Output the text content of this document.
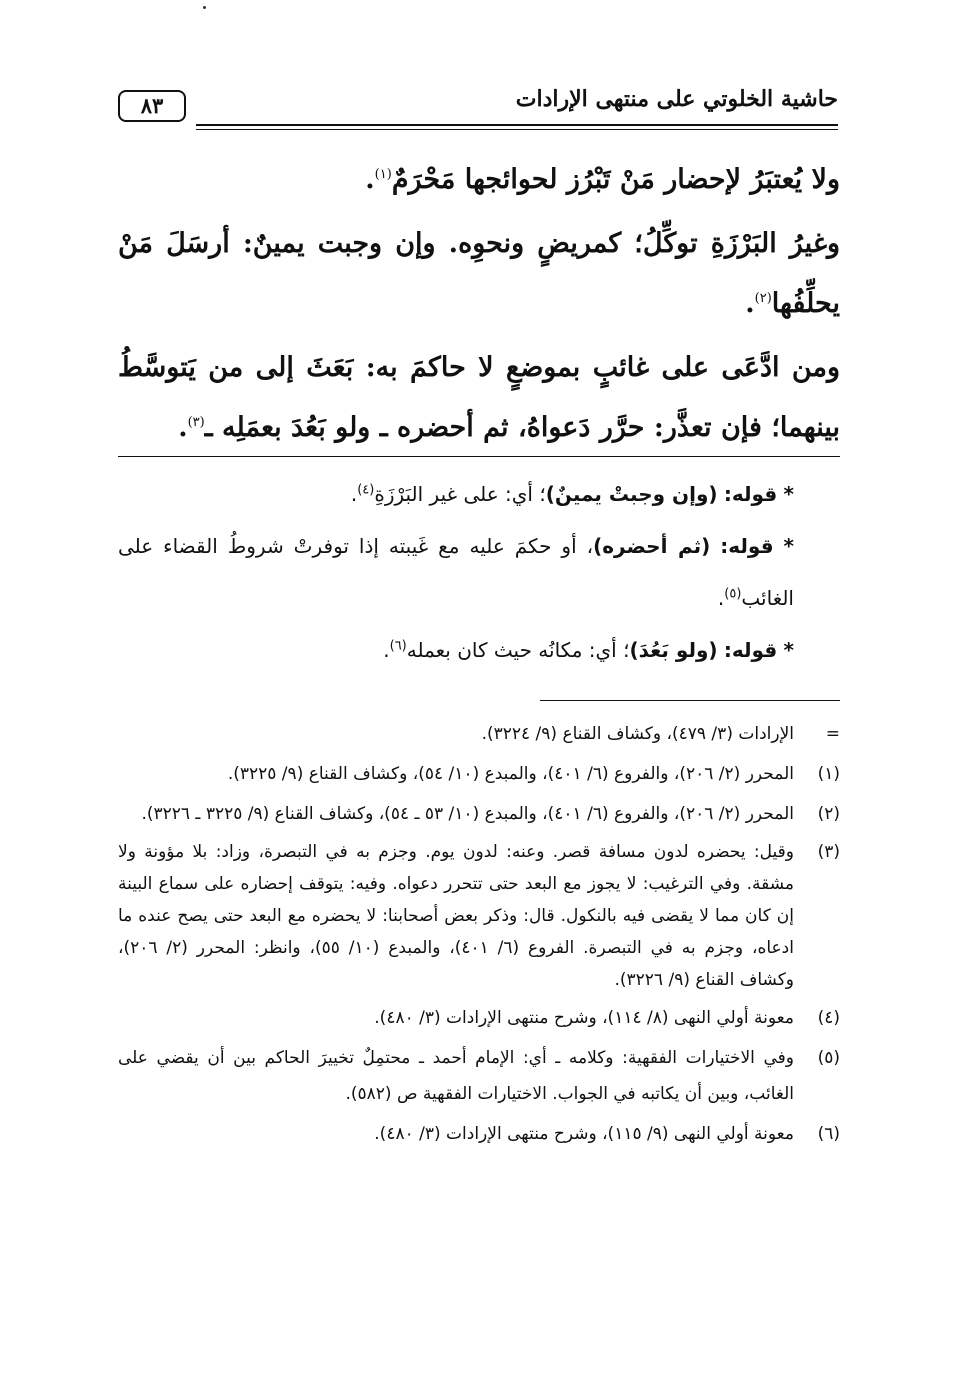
٨٣	حاشية الخلوتي على منتهى الإرادات

ولا يُعتبَرُ لإحضار مَنْ تَبْرُز لحوائجها مَحْرَمٌ$^{(١)}$.

وغيرُ البَرْزَةِ توكِّلُ؛ كمريضٍ ونحوِه. وإن وجبت يمينٌ: أرسَلَ مَنْ يحلِّفُها$^{(٢)}$.

ومن ادَّعَى على غائبٍ بموضعٍ لا حاكمَ به: بَعَثَ إلى من يَتوسَّطُ بينهما؛ فإن تعذَّر: حرَّر دَعواهُ، ثم أحضره ـ ولو بَعُدَ بعمَلِه ـ$^{(٣)}$.

* قوله: (وإن وجبتْ يمينٌ)؛ أي: على غير البَرْزَةِ$^{(٤)}$.

* قوله: (ثم أحضره)، أو حكمَ عليه مع غَيبته إذا توفرتْ شروطُ القضاء على الغائب$^{(٥)}$.

* قوله: (ولو بَعُدَ)؛ أي: مكانُه حيث كان بعمله$^{(٦)}$.

=
الإرادات (٣/ ٤٧٩)، وكشاف القناع (٩/ ٣٢٢٤).
(١)
المحرر (٢/ ٢٠٦)، والفروع (٦/ ٤٠١)، والمبدع (١٠/ ٥٤)، وكشاف القناع (٩/ ٣٢٢٥).
(٢)
المحرر (٢/ ٢٠٦)، والفروع (٦/ ٤٠١)، والمبدع (١٠/ ٥٣ ـ ٥٤)، وكشاف القناع (٩/ ٣٢٢٥ ـ ٣٢٢٦).
(٣)
وقيل: يحضره لدون مسافة قصر. وعنه: لدون يوم. وجزم به في التبصرة، وزاد: بلا مؤونة ولا مشقة. وفي الترغيب: لا يجوز مع البعد حتى تتحرر دعواه. وفيه: يتوقف إحضاره على سماع البينة إن كان مما لا يقضى فيه بالنكول. قال: وذكر بعض أصحابنا: لا يحضره مع البعد حتى يصح عنده ما ادعاه، وجزم به في التبصرة. الفروع (٦/ ٤٠١)، والمبدع (١٠/ ٥٥)، وانظر: المحرر (٢/ ٢٠٦)، وكشاف القناع (٩/ ٣٢٢٦).
(٤)
معونة أولي النهى (٨/ ١١٤)، وشرح منتهى الإرادات (٣/ ٤٨٠).
(٥)
وفي الاختيارات الفقهية: وكلامه ـ أي: الإمام أحمد ـ محتمِلٌ تخييرَ الحاكم بين أن يقضي على الغائب، وبين أن يكاتبه في الجواب. الاختيارات الفقهية ص (٥٨٢).
(٦)
معونة أولي النهى (٩/ ١١٥)، وشرح منتهى الإرادات (٣/ ٤٨٠).
